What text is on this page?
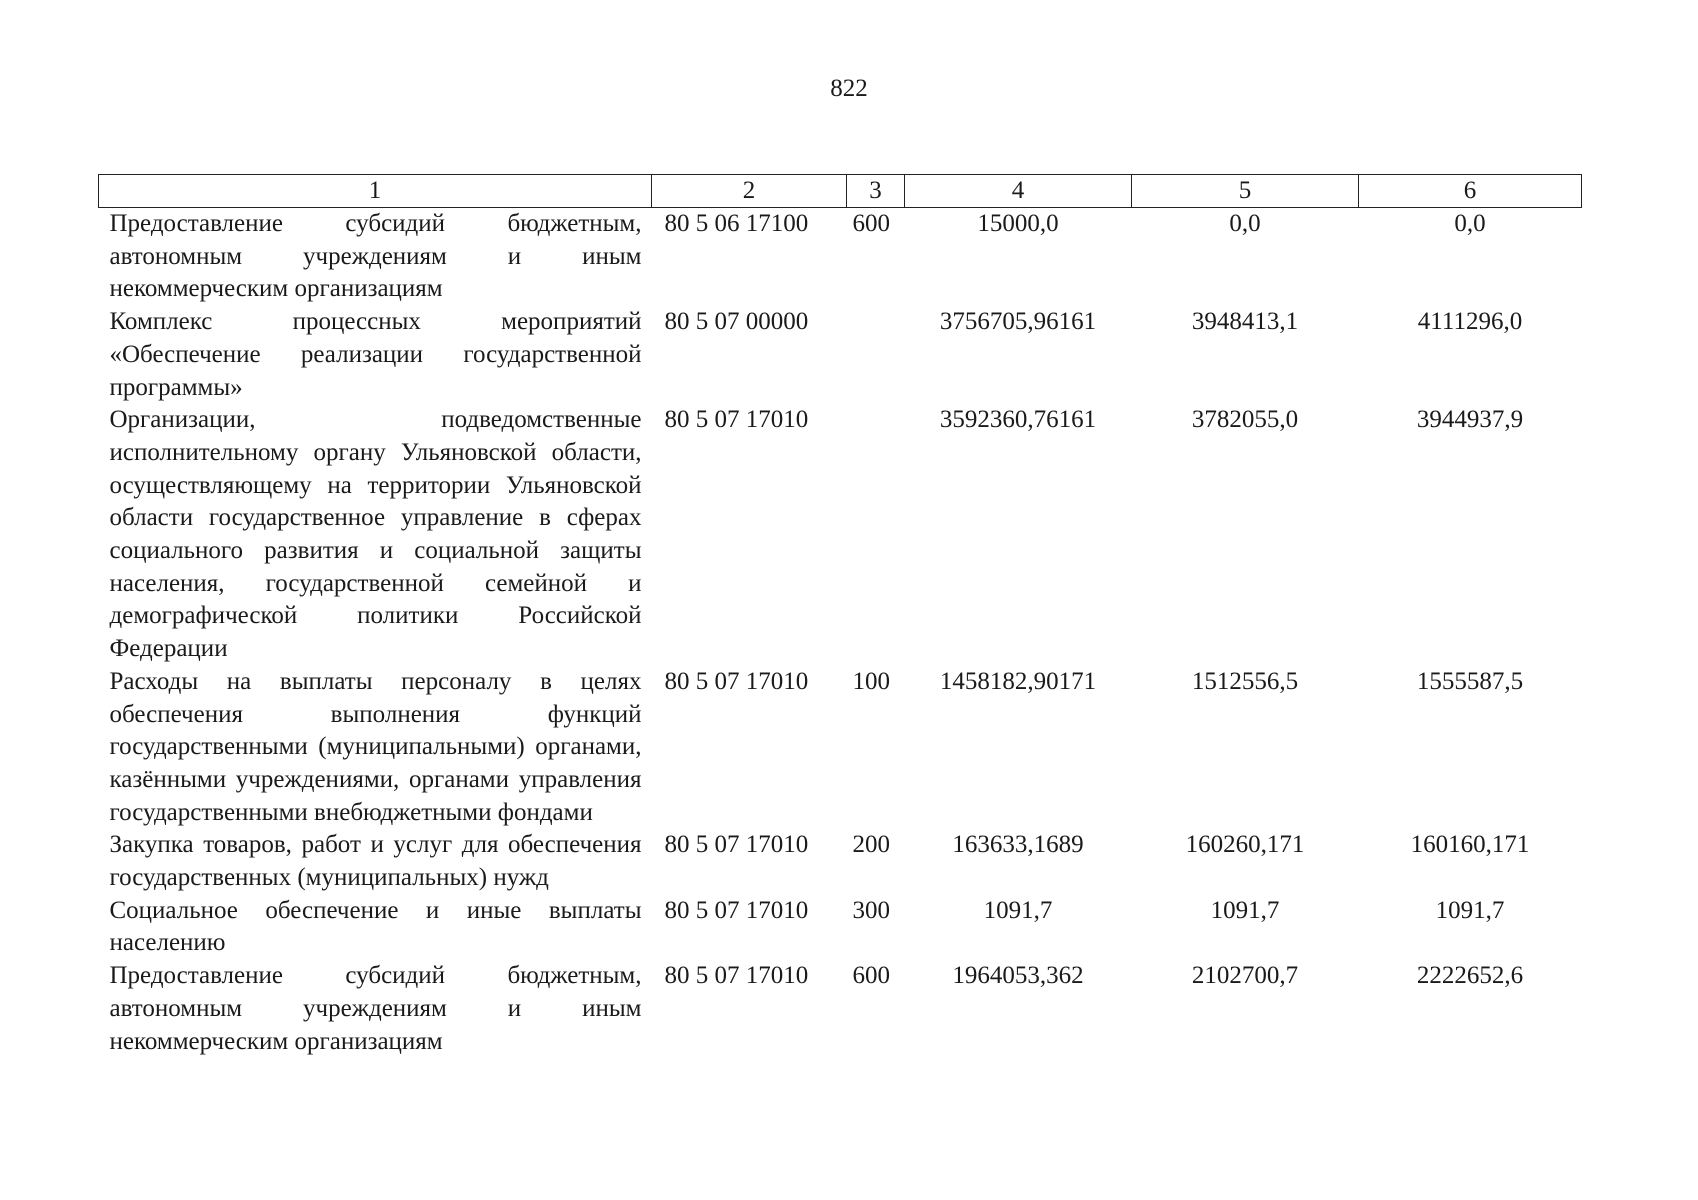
822
1	2	3	4	5	6
Предоставление субсидий бюджетным, автономным учреждениям и иным некоммерческим организациям	80 5 06 17100	600	15000,0	0,0	0,0
Комплекс процессных мероприятий «Обеспечение реализации государственной программы»	80 5 07 00000		3756705,96161	3948413,1	4111296,0
Организации, подведомственные исполнительному органу Ульяновской области, осуществляющему на территории Ульяновской области государственное управление в сферах социального развития и социальной защиты населения, государственной семейной и демографической политики Российской Федерации	80 5 07 17010		3592360,76161	3782055,0	3944937,9
Расходы на выплаты персоналу в целях обеспечения выполнения функций государственными (муниципальными) органами, казёнными учреждениями, органами управления государственными внебюджетными фондами	80 5 07 17010	100	1458182,90171	1512556,5	1555587,5
Закупка товаров, работ и услуг для обеспечения государственных (муниципальных) нужд	80 5 07 17010	200	163633,1689	160260,171	160160,171
Социальное обеспечение и иные выплаты населению	80 5 07 17010	300	1091,7	1091,7	1091,7
Предоставление субсидий бюджетным, автономным учреждениям и иным некоммерческим организациям	80 5 07 17010	600	1964053,362	2102700,7	2222652,6
